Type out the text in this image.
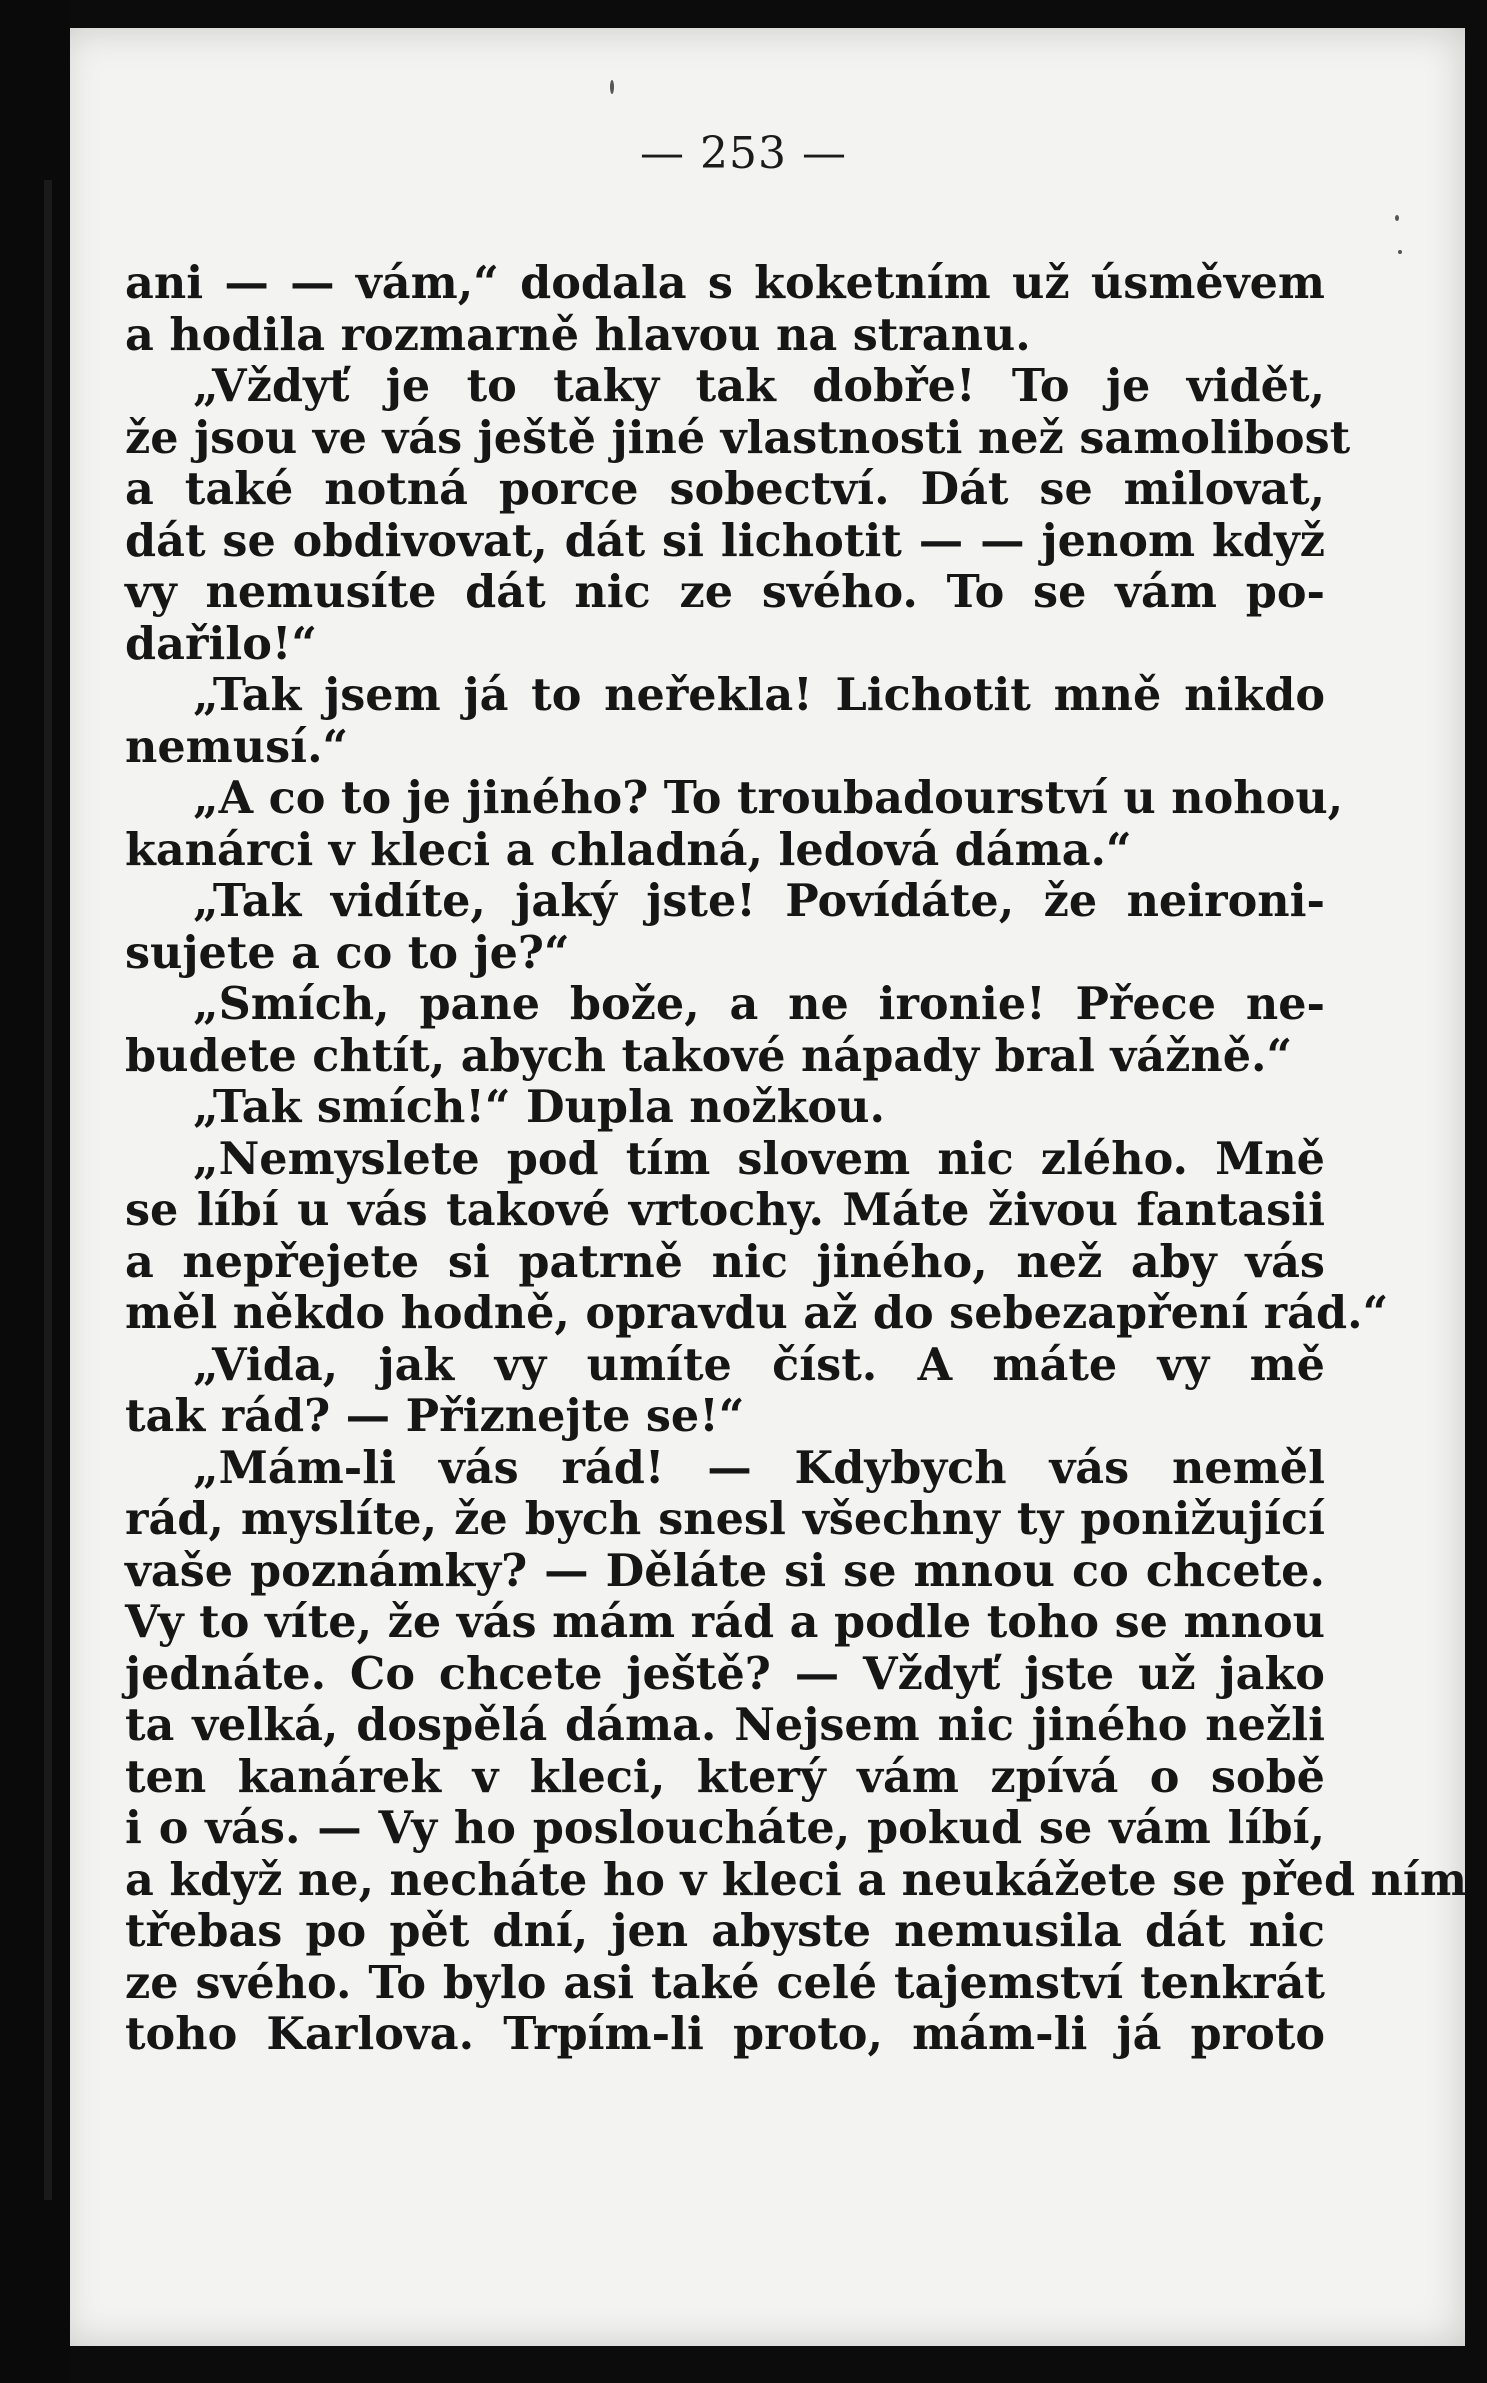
— 253 —
ani — — vám,“ dodala s koketním už úsměvem
a hodila rozmarně hlavou na stranu.
„Vždyť je to taky tak dobře! To je vidět,
že jsou ve vás ještě jiné vlastnosti než samolibost
a také notná porce sobectví. Dát se milovat,
dát se obdivovat, dát si lichotit — — jenom když
vy nemusíte dát nic ze svého. To se vám po-
dařilo!“
„Tak jsem já to neřekla! Lichotit mně nikdo
nemusí.“
„A co to je jiného? To troubadourství u nohou,
kanárci v kleci a chladná, ledová dáma.“
„Tak vidíte, jaký jste! Povídáte, že neironi-
sujete a co to je?“
„Smích, pane bože, a ne ironie! Přece ne-
budete chtít, abych takové nápady bral vážně.“
„Tak smích!“ Dupla nožkou.
„Nemyslete pod tím slovem nic zlého. Mně
se líbí u vás takové vrtochy. Máte živou fantasii
a nepřejete si patrně nic jiného, než aby vás
měl někdo hodně, opravdu až do sebezapření rád.“
„Vida, jak vy umíte číst. A máte vy mě
tak rád? — Přiznejte se!“
„Mám-li vás rád! — Kdybych vás neměl
rád, myslíte, že bych snesl všechny ty ponižující
vaše poznámky? — Děláte si se mnou co chcete.
Vy to víte, že vás mám rád a podle toho se mnou
jednáte. Co chcete ještě? — Vždyť jste už jako
ta velká, dospělá dáma. Nejsem nic jiného nežli
ten kanárek v kleci, který vám zpívá o sobě
i o vás. — Vy ho posloucháte, pokud se vám líbí,
a když ne, necháte ho v kleci a neukážete se před ním
třebas po pět dní, jen abyste nemusila dát nic
ze svého. To bylo asi také celé tajemství tenkrát
toho Karlova. Trpím-li proto, mám-li já proto
